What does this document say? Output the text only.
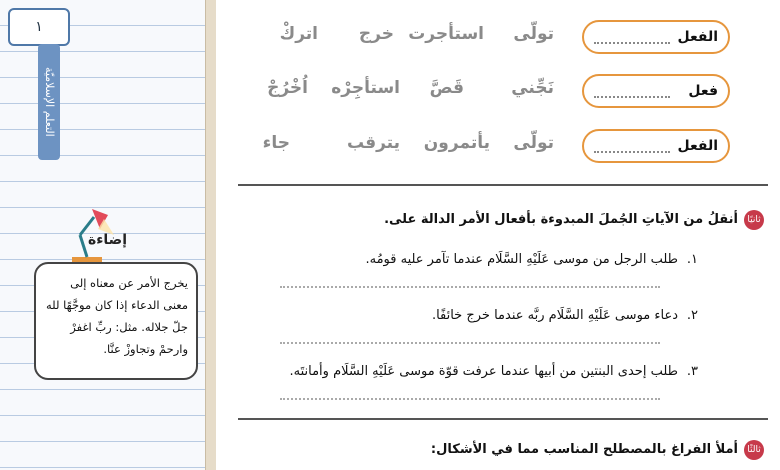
١
التعلم الإسلاميّة
إضاءة
يخرج الأمر عن معناه إلى معنى الدعاء إذا كان موجَّهًا لله جلّ جلاله. مثل: ربِّ اغفرْ وارحمْ وتجاوزْ عنَّا.
الفعل
تولّى
استأجرت
خرج
اتركْ
فعل
نَجِّني
قَصَّ
استأجِرْه
اُخْرُجْ
الفعل
تولّى
يأتمرون
يترقب
جاء
ثانيًا
أنقلُ من الآياتِ الجُملَ المبدوءة بأفعال الأمر الدالة على.
١.
طلب الرجل من موسى عَلَيْهِ السَّلَام عندما تآمر عليه قومُه.
٢.
دعاء موسى عَلَيْهِ السَّلَام ربَّه عندما خرج خائفًا.
٣.
طلب إحدى البنتين من أبيها عندما عرفت قوّة موسى عَلَيْهِ السَّلَام وأمانتَه.
ثالثًا
أملأ الفراغ بالمصطلح المناسب مما في الأشكال:
